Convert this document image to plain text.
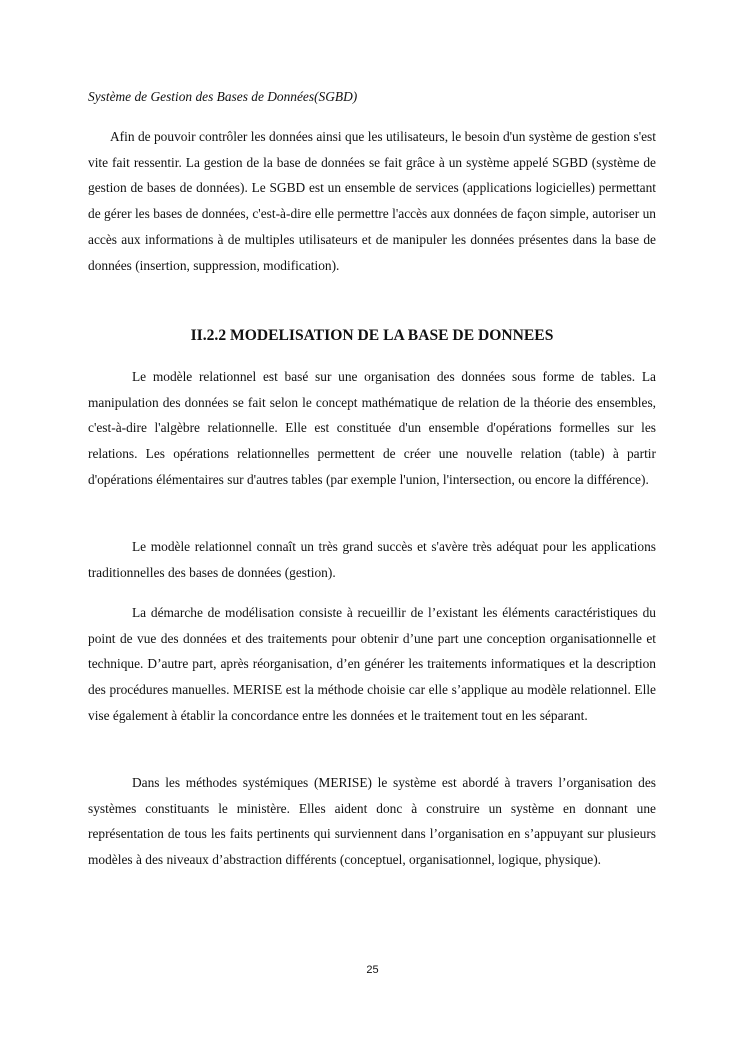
Système de Gestion des Bases de Données(SGBD)

Afin de pouvoir contrôler les données ainsi que les utilisateurs, le besoin d'un système de gestion s'est vite fait ressentir. La gestion de la base de données se fait grâce à un système appelé SGBD (système de gestion de bases de données). Le SGBD est un ensemble de services (applications logicielles) permettant de gérer les bases de données, c'est-à-dire elle permettre l'accès aux données de façon simple, autoriser un accès aux informations à de multiples utilisateurs et de manipuler les données présentes dans la base de données (insertion, suppression, modification).

II.2.2 MODELISATION DE LA BASE DE DONNEES

Le modèle relationnel est basé sur une organisation des données sous forme de tables. La manipulation des données se fait selon le concept mathématique de relation de la théorie des ensembles, c'est-à-dire l'algèbre relationnelle. Elle est constituée d'un ensemble d'opérations formelles sur les relations. Les opérations relationnelles permettent de créer une nouvelle relation (table) à partir d'opérations élémentaires sur d'autres tables (par exemple l'union, l'intersection, ou encore la différence).

Le modèle relationnel connaît un très grand succès et s'avère très adéquat pour les applications traditionnelles des bases de données (gestion).

La démarche de modélisation consiste à recueillir de l’existant les éléments caractéristiques du point de vue des données et des traitements pour obtenir d’une part une conception organisationnelle et technique. D’autre part, après réorganisation, d’en générer les traitements informatiques et la description des procédures manuelles. MERISE est la méthode choisie car elle s’applique au modèle relationnel. Elle vise également à établir la concordance entre les données et le traitement tout en les séparant.

Dans les méthodes systémiques (MERISE) le système est abordé à travers l’organisation des systèmes constituants le ministère. Elles aident donc à construire un système en donnant une représentation de tous les faits pertinents qui surviennent dans l’organisation en s’appuyant sur plusieurs modèles à des niveaux d’abstraction différents (conceptuel, organisationnel, logique, physique).

25
